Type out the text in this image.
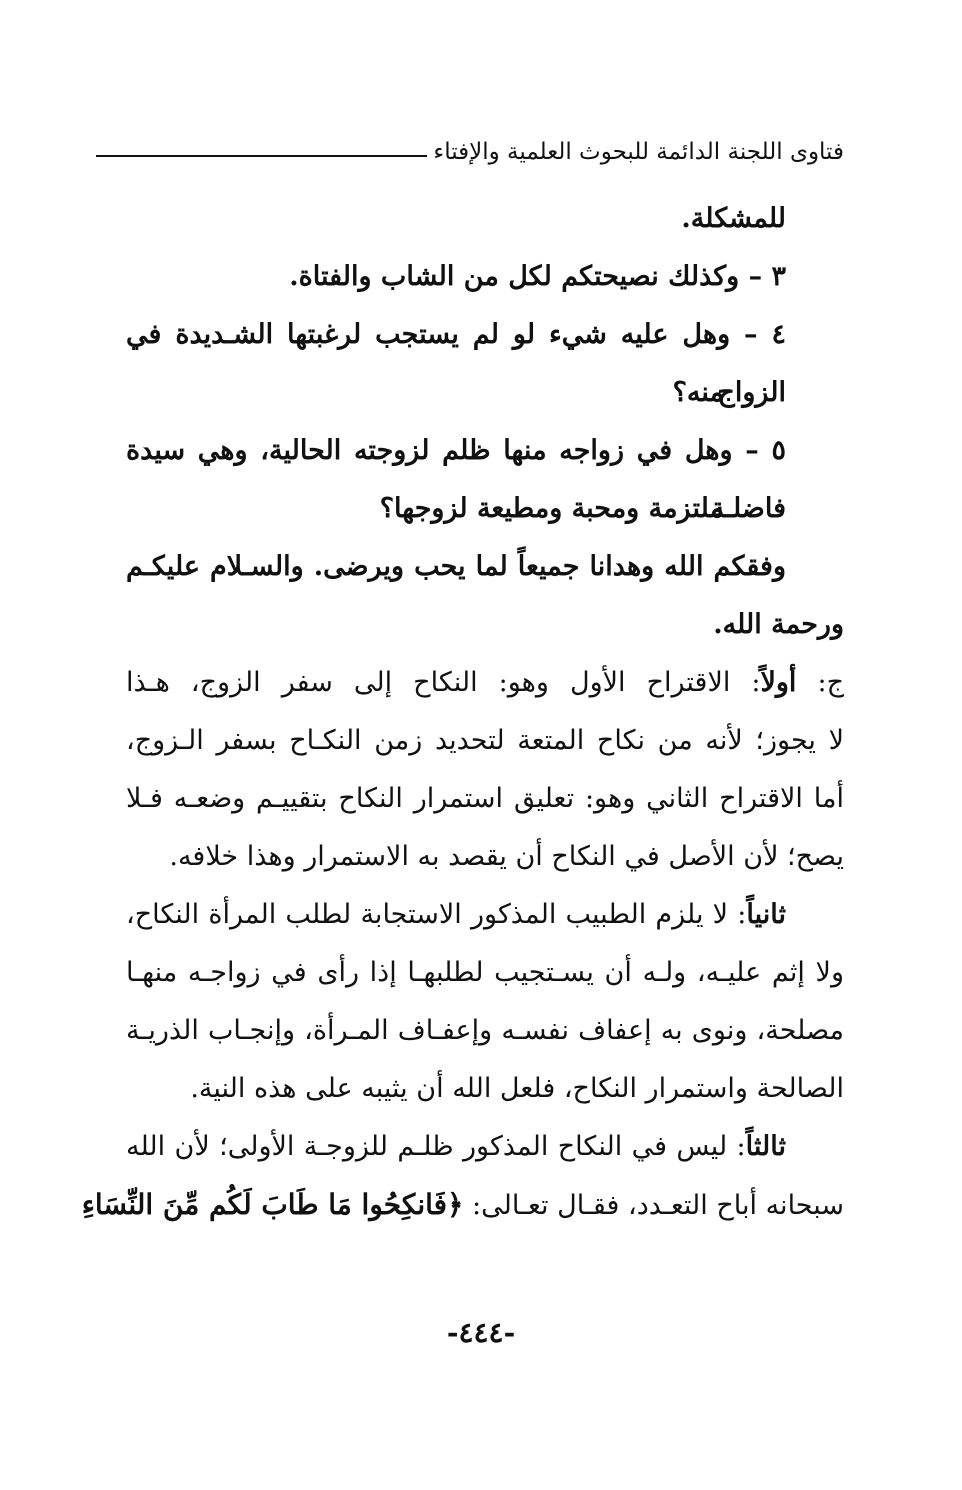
فتاوى اللجنة الدائمة للبحوث العلمية والإفتاء
للمشكلة.
٣ – وكذلك نصيحتكم لكل من الشاب والفتاة.
٤ – وهل عليه شيء لو لم يستجب لرغبتها الشـديدة في الزواج
منه؟
٥ – وهل في زواجه منها ظلم لزوجته الحالية، وهي سيدة فاضلـة
ملتزمة ومحبة ومطيعة لزوجها؟
وفقكم الله وهدانا جميعاً لما يحب ويرضى. والسـلام عليكـم
ورحمة الله.
ج: أولاً: الاقتراح الأول وهو: النكاح إلى سفر الزوج، هـذا
لا يجوز؛ لأنه من نكاح المتعة لتحديد زمن النكـاح بسفر الـزوج،
أما الاقتراح الثاني وهو: تعليق استمرار النكاح بتقييـم وضعـه فـلا
يصح؛ لأن الأصل في النكاح أن يقصد به الاستمرار وهذا خلافه.
ثانياً: لا يلزم الطبيب المذكور الاستجابة لطلب المرأة النكاح،
ولا إثم عليـه، ولـه أن يسـتجيب لطلبهـا إذا رأى في زواجـه منهـا
مصلحة، ونوى به إعفاف نفسـه وإعفـاف المـرأة، وإنجـاب الذريـة
الصالحة واستمرار النكاح، فلعل الله أن يثيبه على هذه النية.
ثالثاً: ليس في النكاح المذكور ظلـم للزوجـة الأولى؛ لأن الله
سبحانه أباح التعـدد، فقـال تعـالى: ﴿فَانكِحُوا مَا طَابَ لَكُم مِّنَ النِّسَاءِ
-٤٤٤-
